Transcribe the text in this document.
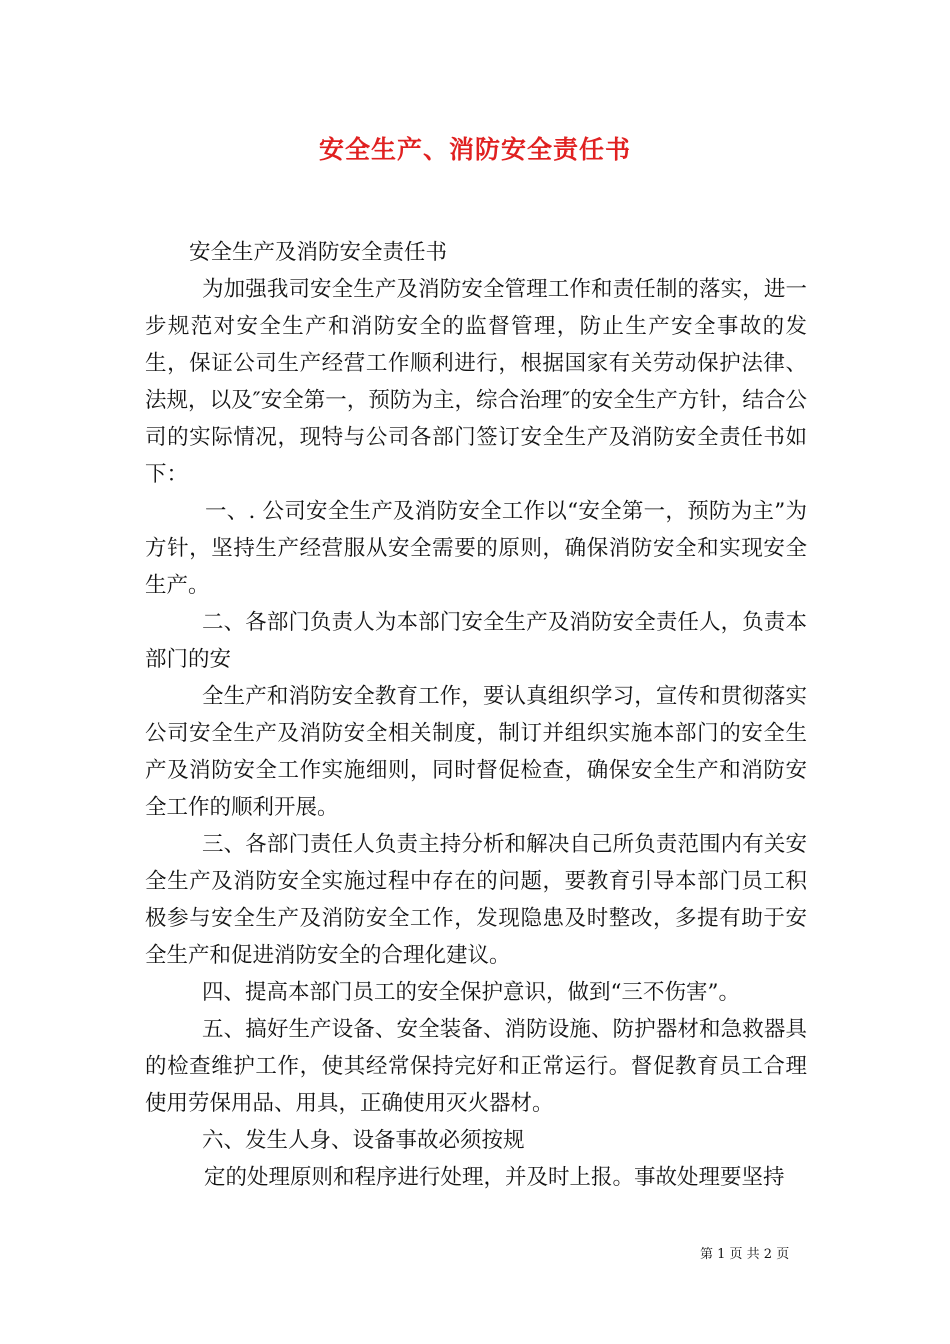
安全生产、消防安全责任书

安全生产及消防安全责任书

为加强我司安全生产及消防安全管理工作和责任制的落实，进一步规范对安全生产和消防安全的监督管理，防止生产安全事故的发生，保证公司生产经营工作顺利进行，根据国家有关劳动保护法律、法规，以及″安全第一，预防为主，综合治理″的安全生产方针，结合公司的实际情况，现特与公司各部门签订安全生产及消防安全责任书如下：

一、. 公司安全生产及消防安全工作以“安全第一，预防为主”为方针，坚持生产经营服从安全需要的原则，确保消防安全和实现安全生产。

二、各部门负责人为本部门安全生产及消防安全责任人，负责本部门的安

全生产和消防安全教育工作，要认真组织学习，宣传和贯彻落实公司安全生产及消防安全相关制度，制订并组织实施本部门的安全生产及消防安全工作实施细则，同时督促检查，确保安全生产和消防安全工作的顺利开展。

三、各部门责任人负责主持分析和解决自己所负责范围内有关安全生产及消防安全实施过程中存在的问题，要教育引导本部门员工积极参与安全生产及消防安全工作，发现隐患及时整改，多提有助于安全生产和促进消防安全的合理化建议。

四、提高本部门员工的安全保护意识，做到“三不伤害”。

五、搞好生产设备、安全装备、消防设施、防护器材和急救器具的检查维护工作，使其经常保持完好和正常运行。督促教育员工合理使用劳保用品、用具，正确使用灭火器材。

六、发生人身、设备事故必须按规

定的处理原则和程序进行处理，并及时上报。事故处理要坚持

第 1 页 共 2 页
